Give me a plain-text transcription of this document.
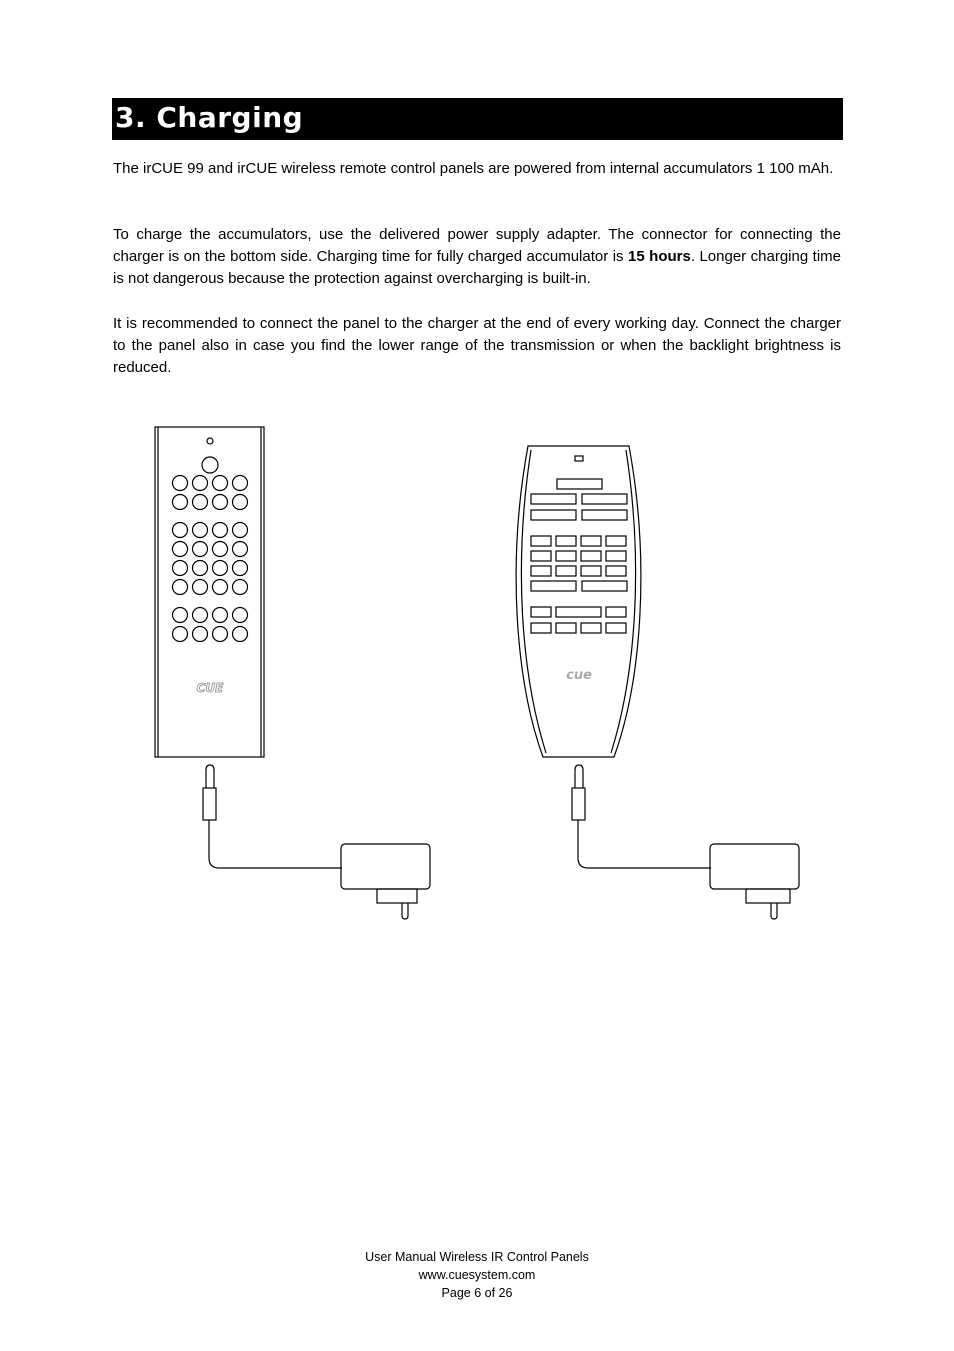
3. Charging

The irCUE 99 and irCUE wireless remote control panels are powered from internal accumulators 1 100 mAh.

To charge the accumulators, use the delivered power supply adapter. The connector for connecting the charger is on the bottom side. Charging time for fully charged accumulator is 15 hours. Longer charging time is not dangerous because the protection against overcharging is built-in.

It is recommended to connect the panel to the charger at the end of every working day. Connect the charger to the panel also in case you find the lower range of the transmission or when the backlight brightness is reduced.

CUE
cue
User Manual Wireless IR Control Panels
www.cuesystem.com
Page 6 of 26
